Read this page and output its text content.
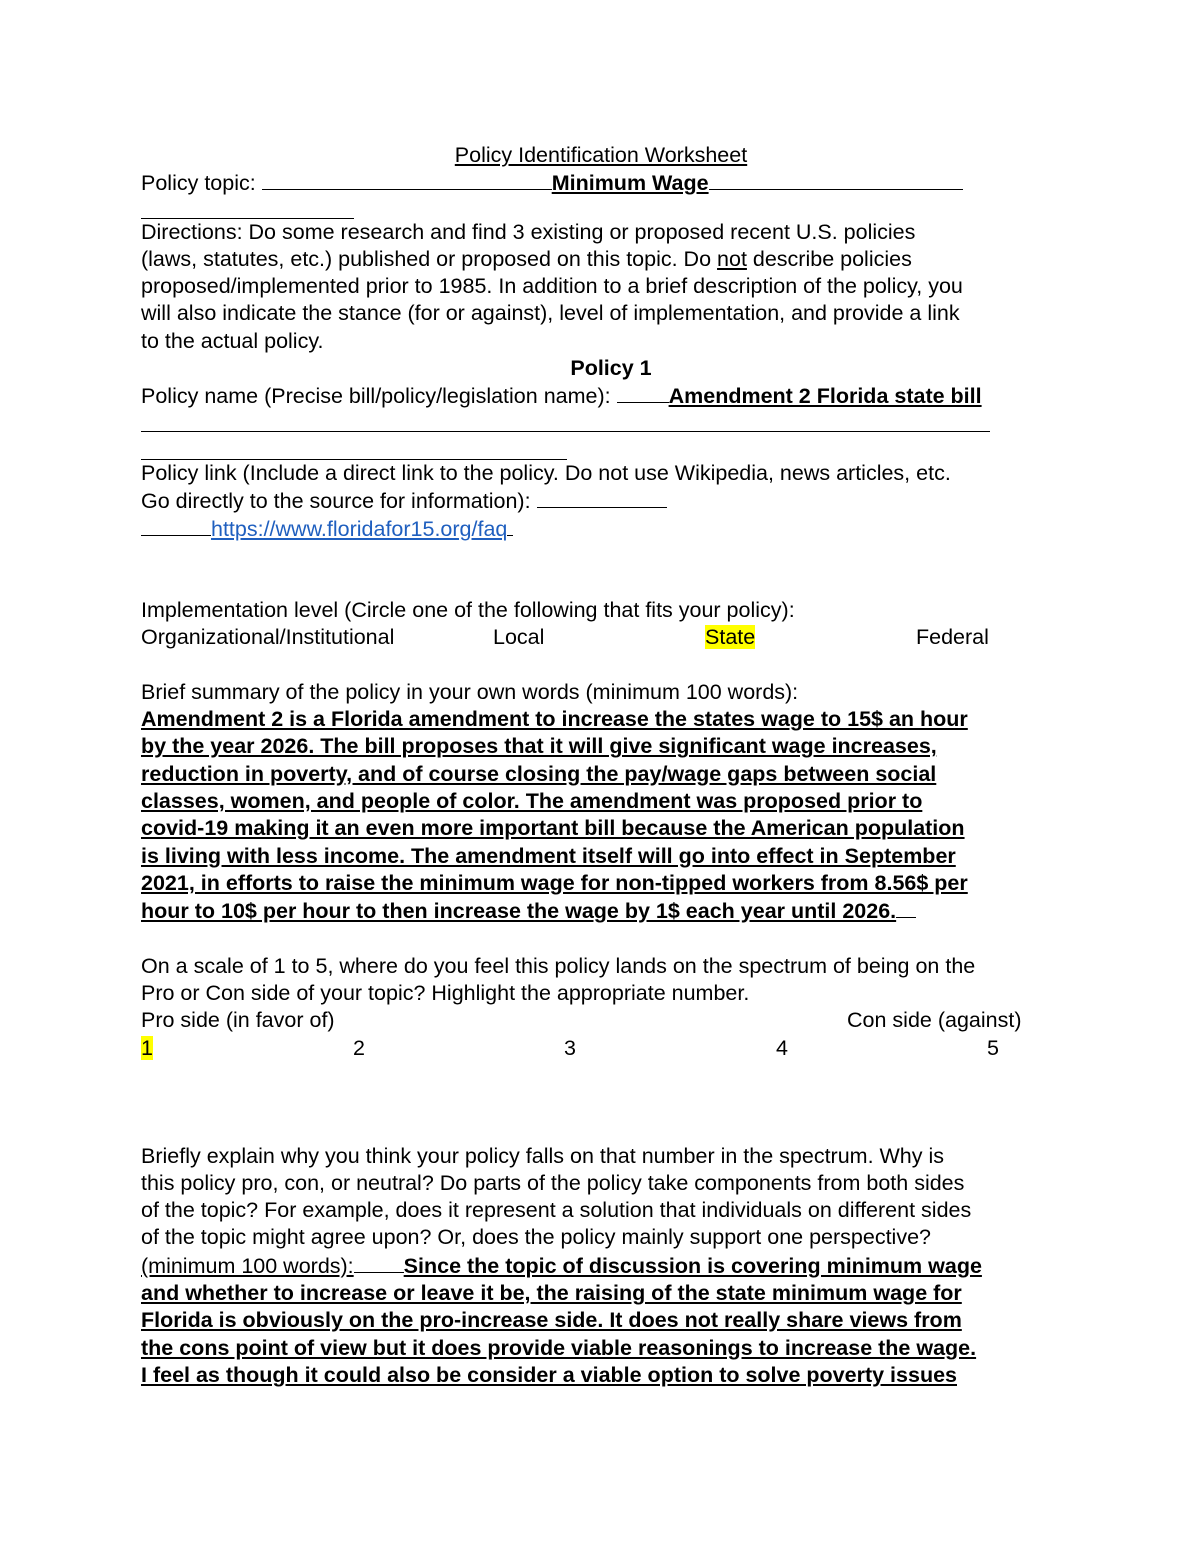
Policy Identification Worksheet
Policy topic:	Minimum Wage
Directions: Do some research and find 3 existing or proposed recent U.S. policies
(laws, statutes, etc.) published or proposed on this topic. Do not describe policies
proposed/implemented prior to 1985. In addition to a brief description of the policy, you
will also indicate the stance (for or against), level of implementation, and provide a link
to the actual policy.
Policy 1
Policy name (Precise bill/policy/legislation name):	Amendment 2 Florida state bill
Policy link (Include a direct link to the policy. Do not use Wikipedia, news articles, etc.
Go directly to the source for information):
https://www.floridafor15.org/faq
Implementation level (Circle one of the following that fits your policy):
Organizational/Institutional	Local	State	Federal
Brief summary of the policy in your own words (minimum 100 words):
Amendment 2 is a Florida amendment to increase the states wage to 15$ an hour
by the year 2026. The bill proposes that it will give significant wage increases,
reduction in poverty, and of course closing the pay/wage gaps between social
classes, women, and people of color. The amendment was proposed prior to
covid-19 making it an even more important bill because the American population
is living with less income. The amendment itself will go into effect in September
2021, in efforts to raise the minimum wage for non-tipped workers from 8.56$ per
hour to 10$ per hour to then increase the wage by 1$ each year until 2026.
On a scale of 1 to 5, where do you feel this policy lands on the spectrum of being on the
Pro or Con side of your topic? Highlight the appropriate number.
Pro side (in favor of)	Con side (against)
1	2	3	4	5
Briefly explain why you think your policy falls on that number in the spectrum. Why is
this policy pro, con, or neutral? Do parts of the policy take components from both sides
of the topic? For example, does it represent a solution that individuals on different sides
of the topic might agree upon? Or, does the policy mainly support one perspective?
(minimum 100 words): Since the topic of discussion is covering minimum wage
and whether to increase or leave it be, the raising of the state minimum wage for
Florida is obviously on the pro-increase side. It does not really share views from
the cons point of view but it does provide viable reasonings to increase the wage.
I feel as though it could also be consider a viable option to solve poverty issues
